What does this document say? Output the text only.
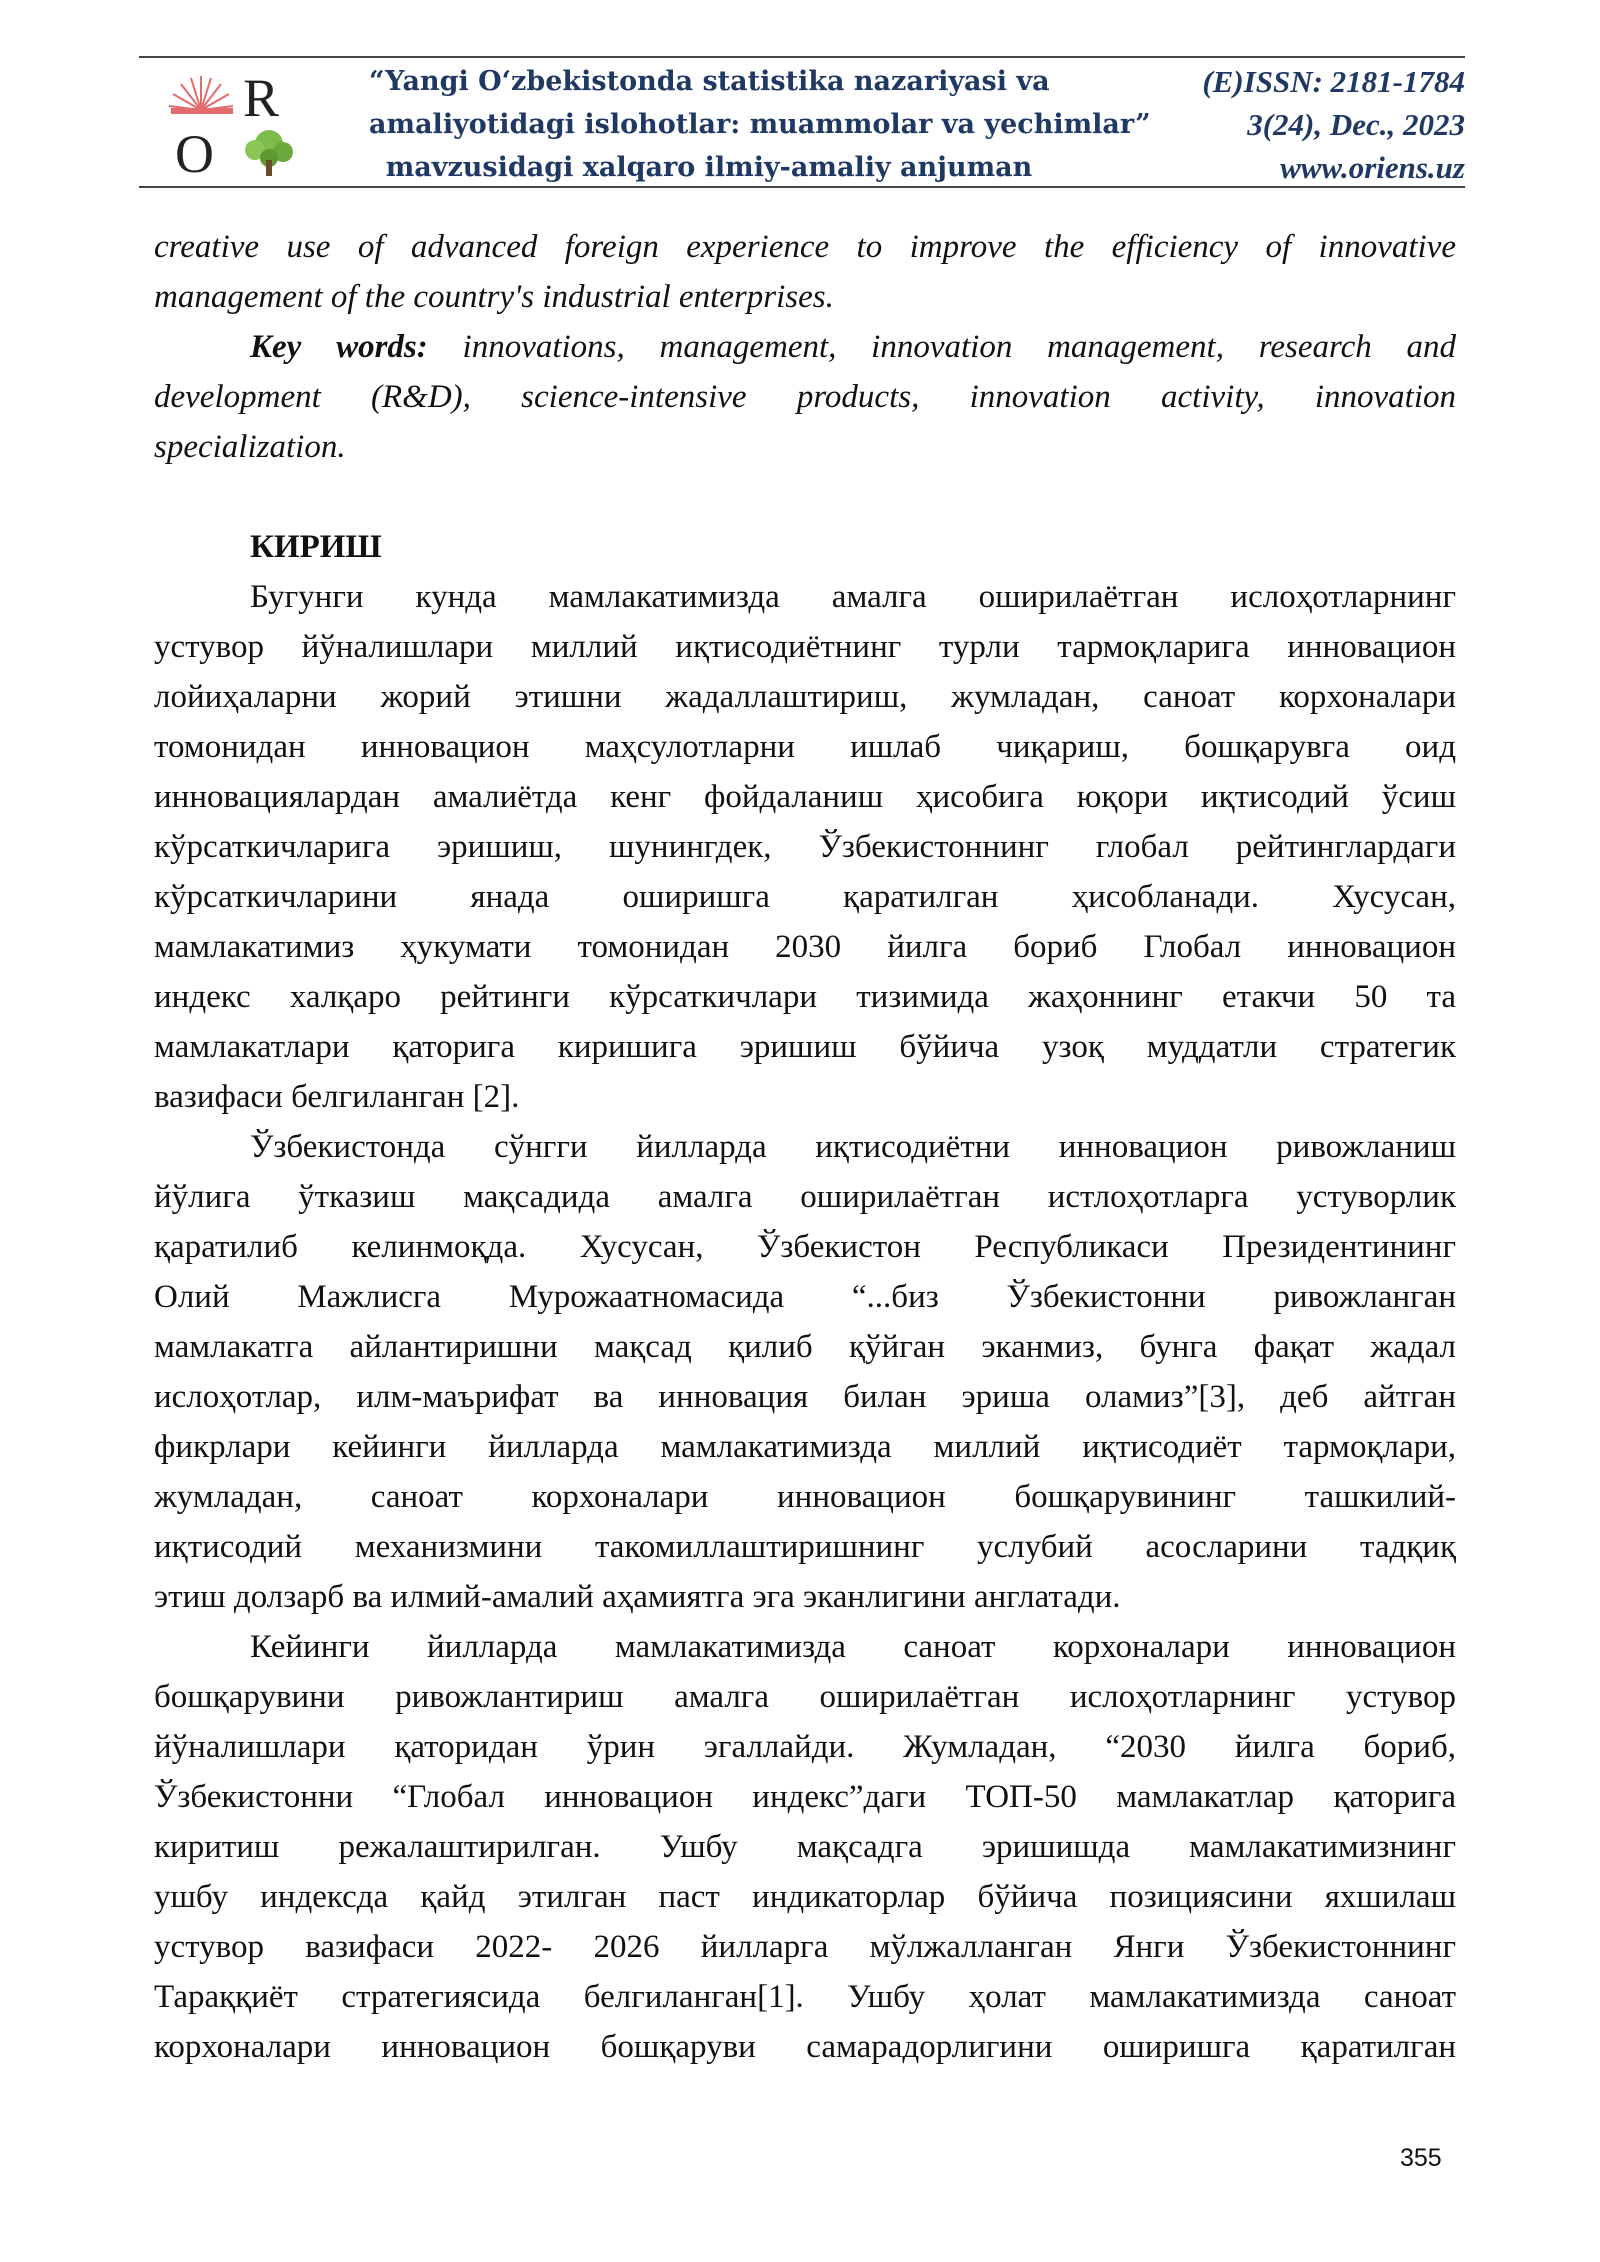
R
O
“Yangi O‘zbekistonda statistika nazariyasi va
amaliyotidagi islohotlar: muammolar va yechimlar”
mavzusidagi xalqaro ilmiy-amaliy anjuman
(E)ISSN: 2181-1784
3(24), Dec., 2023
www.oriens.uz
creative use of advanced foreign experience to improve the efficiency of innovative
management of the country's industrial enterprises.
Key words: innovations, management, innovation management, research and
development (R&D), science-intensive products, innovation activity, innovation
specialization.
КИРИШ
Бугунги кунда мамлакатимизда амалга оширилаётган ислоҳотларнинг
устувор йўналишлари миллий иқтисодиётнинг турли тармоқларига инновацион
лойиҳаларни жорий этишни жадаллаштириш, жумладан, саноат корхоналари
томонидан инновацион маҳсулотларни ишлаб чиқариш, бошқарувга оид
инновациялардан амалиётда кенг фойдаланиш ҳисобига юқори иқтисодий ўсиш
кўрсаткичларига эришиш, шунингдек, Ўзбекистоннинг глобал рейтинглардаги
кўрсаткичларини янада оширишга қаратилган ҳисобланади. Хусусан,
мамлакатимиз ҳукумати томонидан 2030 йилга бориб Глобал инновацион
индекс халқаро рейтинги кўрсаткичлари тизимида жаҳоннинг етакчи 50 та
мамлакатлари қаторига киришига эришиш бўйича узоқ муддатли стратегик
вазифаси белгиланган [2].
Ўзбекистонда сўнгги йилларда иқтисодиётни инновацион ривожланиш
йўлига ўтказиш мақсадида амалга оширилаётган истлоҳотларга устуворлик
қаратилиб келинмоқда. Хусусан, Ўзбекистон Республикаси Президентининг
Олий Мажлисга Мурожаатномасида “...биз Ўзбекистонни ривожланган
мамлакатга айлантиришни мақсад қилиб қўйган эканмиз, бунга фақат жадал
ислоҳотлар, илм-маърифат ва инновация билан эриша оламиз”[3], деб айтган
фикрлари кейинги йилларда мамлакатимизда миллий иқтисодиёт тармоқлари,
жумладан, саноат корхоналари инновацион бошқарувининг ташкилий-
иқтисодий механизмини такомиллаштиришнинг услубий асосларини тадқиқ
этиш долзарб ва илмий-амалий аҳамиятга эга эканлигини англатади.
Кейинги йилларда мамлакатимизда саноат корхоналари инновацион
бошқарувини ривожлантириш амалга оширилаётган ислоҳотларнинг устувор
йўналишлари қаторидан ўрин эгаллайди. Жумладан, “2030 йилга бориб,
Ўзбекистонни “Глобал инновацион индекс”даги ТОП-50 мамлакатлар қаторига
киритиш режалаштирилган. Ушбу мақсадга эришишда мамлакатимизнинг
ушбу индексда қайд этилган паст индикаторлар бўйича позициясини яхшилаш
устувор вазифаси 2022- 2026 йилларга мўлжалланган Янги Ўзбекистоннинг
Тараққиёт стратегиясида белгиланган[1]. Ушбу ҳолат мамлакатимизда саноат
корхоналари инновацион бошқаруви самарадорлигини оширишга қаратилган
355
